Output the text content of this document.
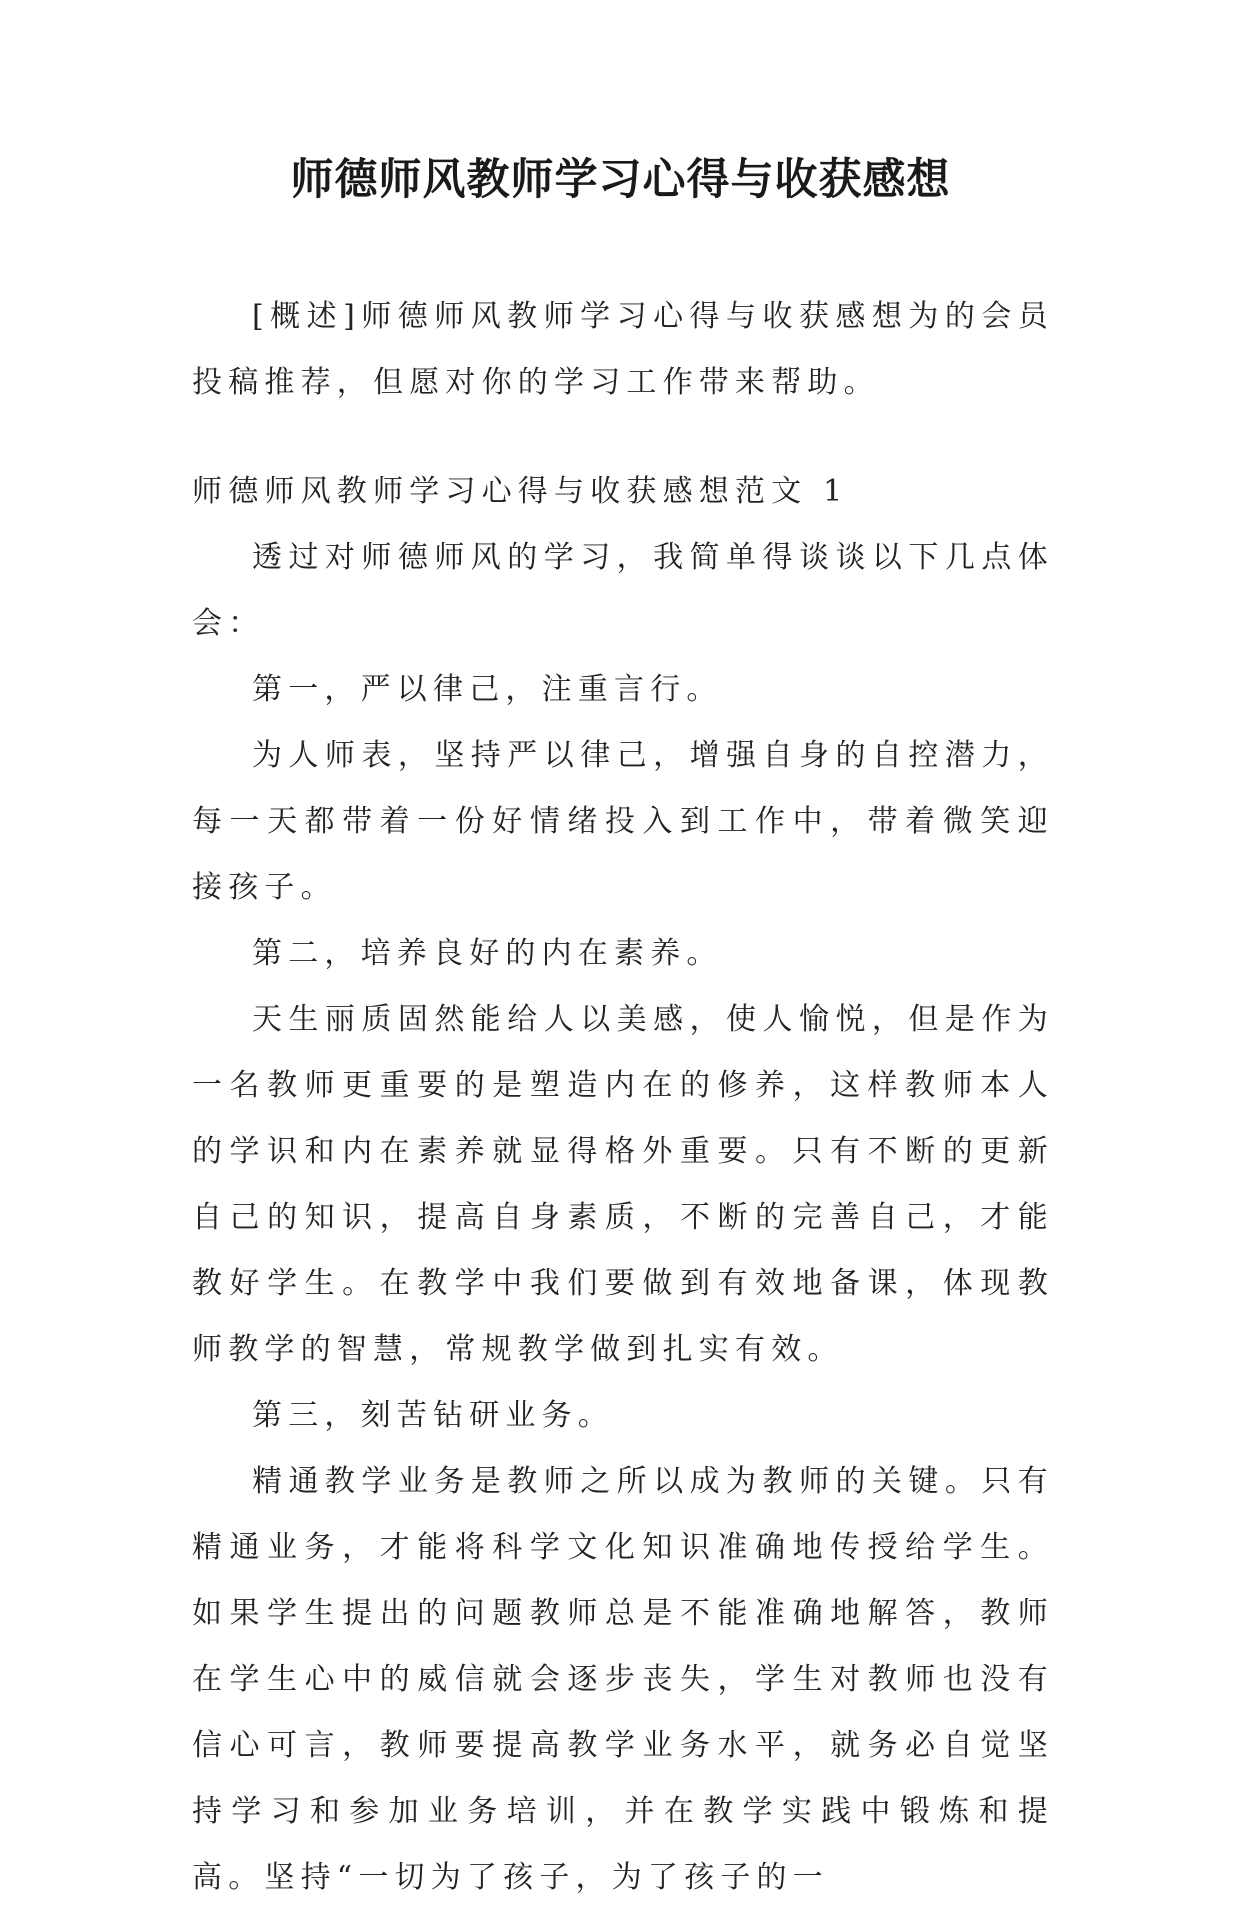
师德师风教师学习心得与收获感想

[概述]师德师风教师学习心得与收获感想为的会员投稿推荐，但愿对你的学习工作带来帮助。

师德师风教师学习心得与收获感想范文 1

透过对师德师风的学习，我简单得谈谈以下几点体会：

第一，严以律己，注重言行。

为人师表，坚持严以律己，增强自身的自控潜力，每一天都带着一份好情绪投入到工作中，带着微笑迎接孩子。

第二，培养良好的内在素养。

天生丽质固然能给人以美感，使人愉悦，但是作为一名教师更重要的是塑造内在的修养，这样教师本人的学识和内在素养就显得格外重要。只有不断的更新自己的知识，提高自身素质，不断的完善自己，才能教好学生。在教学中我们要做到有效地备课，体现教师教学的智慧，常规教学做到扎实有效。

第三，刻苦钻研业务。

精通教学业务是教师之所以成为教师的关键。只有精通业务，才能将科学文化知识准确地传授给学生。如果学生提出的问题教师总是不能准确地解答，教师在学生心中的威信就会逐步丧失，学生对教师也没有信心可言，教师要提高教学业务水平，就务必自觉坚持学习和参加业务培训，并在教学实践中锻炼和提高。坚持“一切为了孩子，为了孩子的一
